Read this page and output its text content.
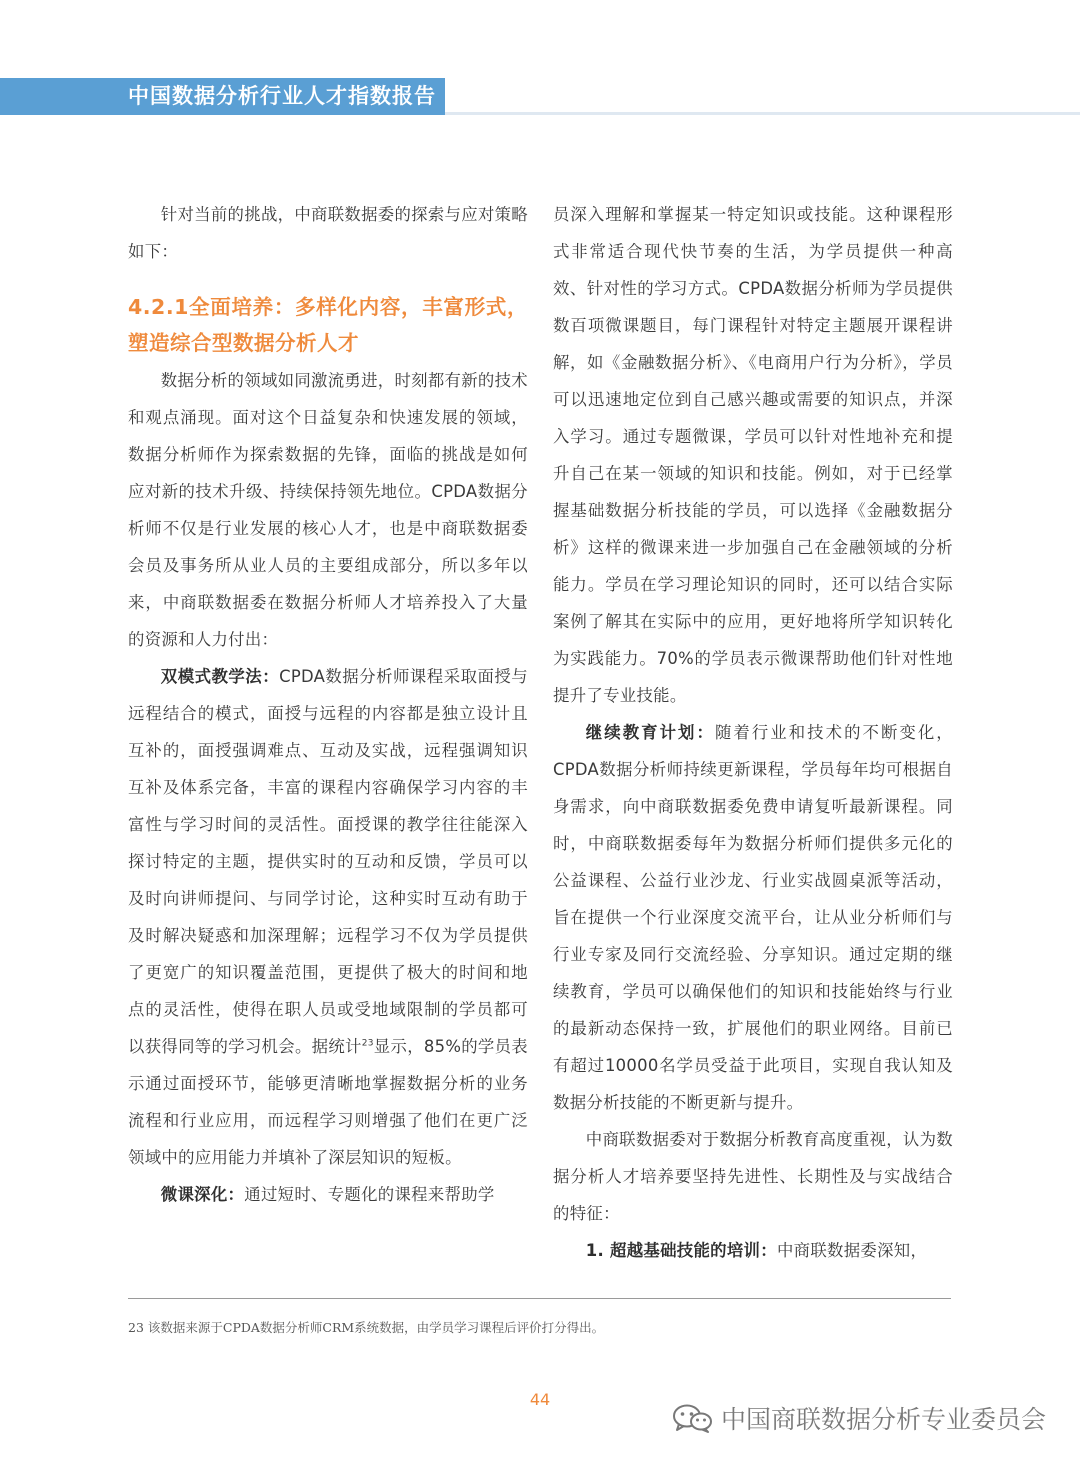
中国数据分析行业人才指数报告

针对当前的挑战，中商联数据委的探索与应对策略如下：

4.2.1全面培养：多样化内容，丰富形式，塑造综合型数据分析人才

数据分析的领域如同激流勇进，时刻都有新的技术和观点涌现。面对这个日益复杂和快速发展的领域，数据分析师作为探索数据的先锋，面临的挑战是如何应对新的技术升级、持续保持领先地位。CPDA数据分析师不仅是行业发展的核心人才，也是中商联数据委会员及事务所从业人员的主要组成部分，所以多年以来，中商联数据委在数据分析师人才培养投入了大量的资源和人力付出：

双模式教学法：CPDA数据分析师课程采取面授与远程结合的模式，面授与远程的内容都是独立设计且互补的，面授强调难点、互动及实战，远程强调知识互补及体系完备，丰富的课程内容确保学习内容的丰富性与学习时间的灵活性。面授课的教学往往能深入探讨特定的主题，提供实时的互动和反馈，学员可以及时向讲师提问、与同学讨论，这种实时互动有助于及时解决疑惑和加深理解；远程学习不仅为学员提供了更宽广的知识覆盖范围，更提供了极大的时间和地点的灵活性，使得在职人员或受地域限制的学员都可以获得同等的学习机会。据统计$^{23}$显示，85%的学员表示通过面授环节，能够更清晰地掌握数据分析的业务流程和行业应用，而远程学习则增强了他们在更广泛领域中的应用能力并填补了深层知识的短板。

微课深化：通过短时、专题化的课程来帮助学

员深入理解和掌握某一特定知识或技能。这种课程形式非常适合现代快节奏的生活，为学员提供一种高效、针对性的学习方式。CPDA数据分析师为学员提供数百项微课题目，每门课程针对特定主题展开课程讲解，如《金融数据分析》、《电商用户行为分析》，学员可以迅速地定位到自己感兴趣或需要的知识点，并深入学习。通过专题微课，学员可以针对性地补充和提升自己在某一领域的知识和技能。例如，对于已经掌握基础数据分析技能的学员，可以选择《金融数据分析》这样的微课来进一步加强自己在金融领域的分析能力。学员在学习理论知识的同时，还可以结合实际案例了解其在实际中的应用，更好地将所学知识转化为实践能力。70%的学员表示微课帮助他们针对性地提升了专业技能。

继续教育计划：随着行业和技术的不断变化，CPDA数据分析师持续更新课程，学员每年均可根据自身需求，向中商联数据委免费申请复听最新课程。同时，中商联数据委每年为数据分析师们提供多元化的公益课程、公益行业沙龙、行业实战圆桌派等活动，旨在提供一个行业深度交流平台，让从业分析师们与行业专家及同行交流经验、分享知识。通过定期的继续教育，学员可以确保他们的知识和技能始终与行业的最新动态保持一致，扩展他们的职业网络。目前已有超过10000名学员受益于此项目，实现自我认知及数据分析技能的不断更新与提升。

中商联数据委对于数据分析教育高度重视，认为数据分析人才培养要坚持先进性、长期性及与实战结合的特征：

1. 超越基础技能的培训：中商联数据委深知，

23 该数据来源于CPDA数据分析师CRM系统数据，由学员学习课程后评价打分得出。
44
中国商联数据分析专业委员会
